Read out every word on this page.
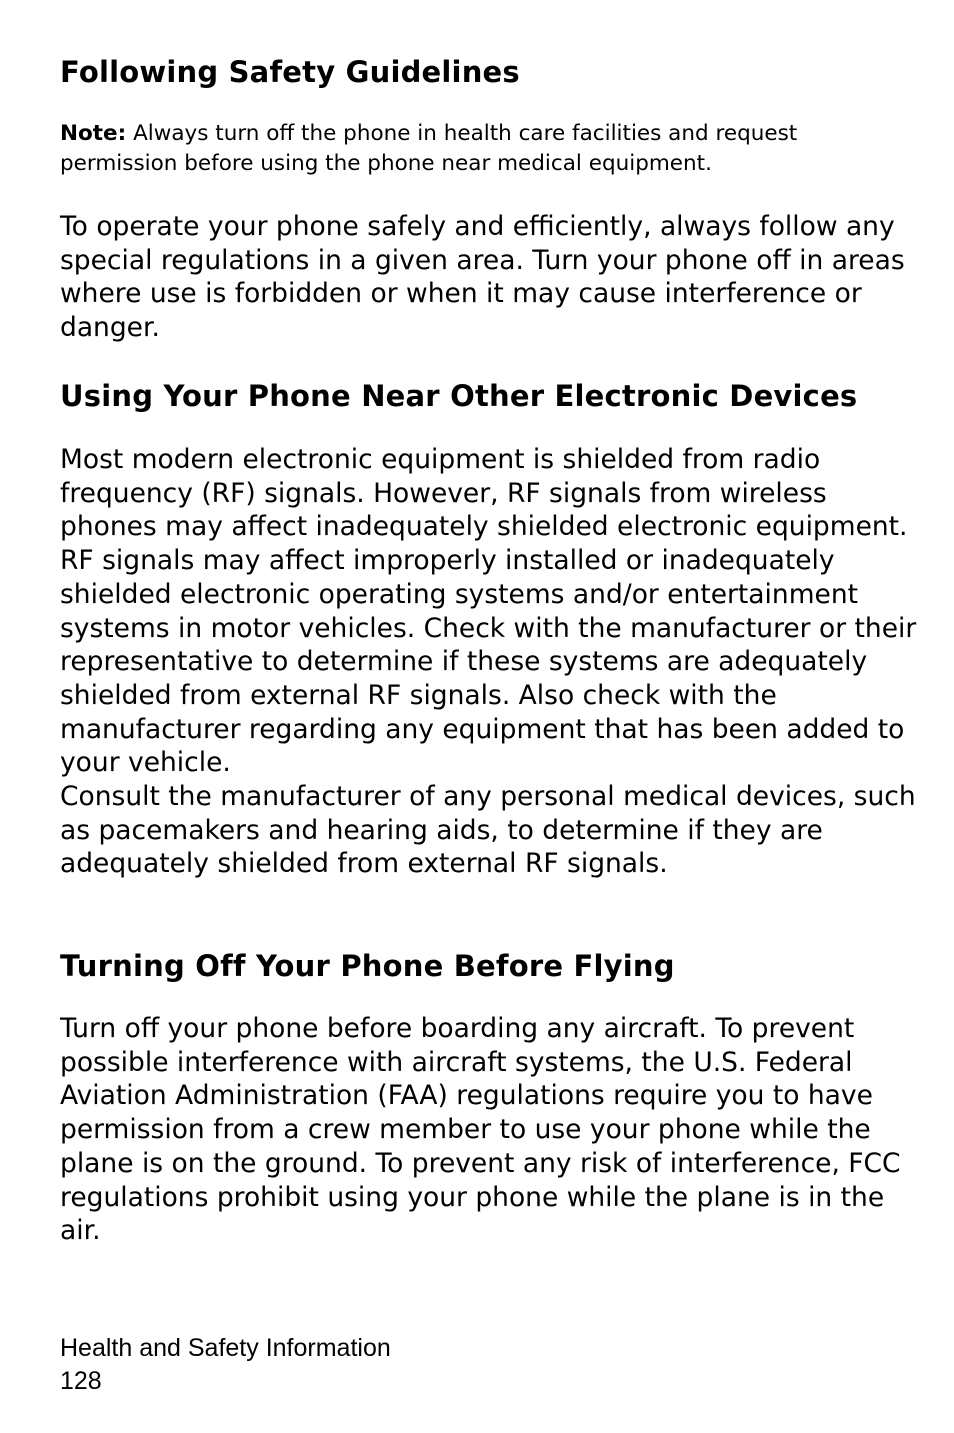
Following Safety Guidelines

Note: Always turn off the phone in health care facilities and request permission before using the phone near medical equipment.

To operate your phone safely and efficiently, always follow any special regulations in a given area. Turn your phone off in areas where use is forbidden or when it may cause interference or danger.

Using Your Phone Near Other Electronic Devices

Most modern electronic equipment is shielded from radio frequency (RF) signals. However, RF signals from wireless phones may affect inadequately shielded electronic equipment.

RF signals may affect improperly installed or inadequately shielded electronic operating systems and/or entertainment systems in motor vehicles. Check with the manufacturer or their representative to determine if these systems are adequately shielded from external RF signals. Also check with the manufacturer regarding any equipment that has been added to your vehicle.

Consult the manufacturer of any personal medical devices, such as pacemakers and hearing aids, to determine if they are adequately shielded from external RF signals.

Turning Off Your Phone Before Flying

Turn off your phone before boarding any aircraft. To prevent possible interference with aircraft systems, the U.S. Federal Aviation Administration (FAA) regulations require you to have permission from a crew member to use your phone while the plane is on the ground. To prevent any risk of interference, FCC regulations prohibit using your phone while the plane is in the air.

Health and Safety Information
128
